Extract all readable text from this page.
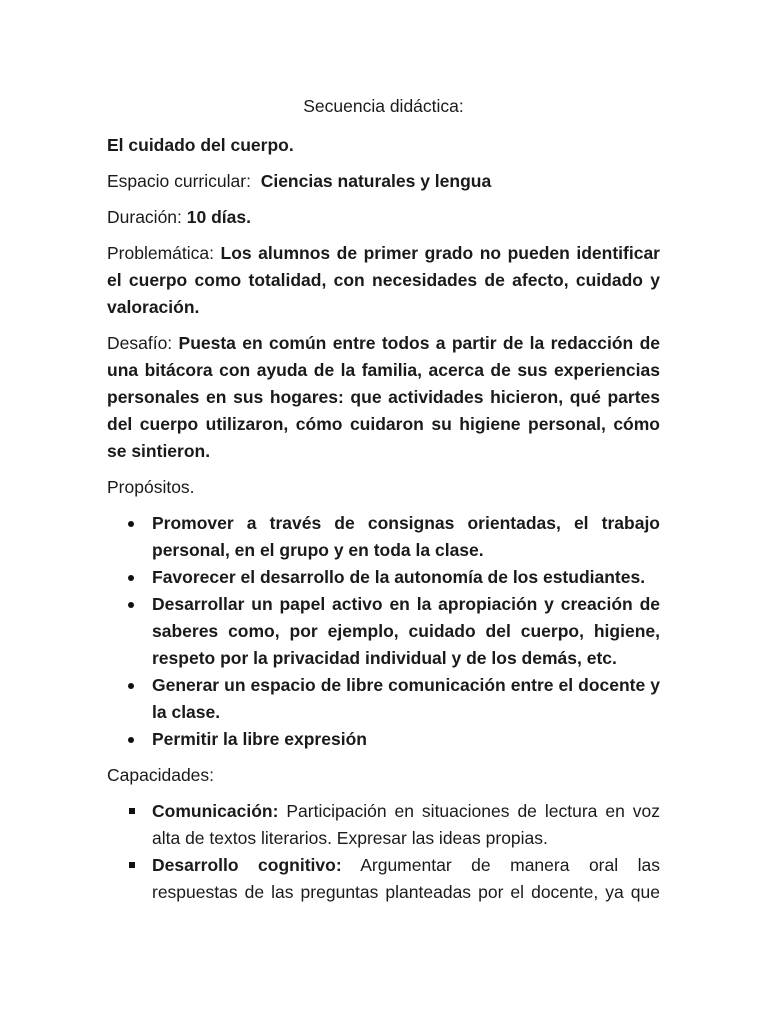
Secuencia didáctica:

El cuidado del cuerpo.

Espacio curricular: Ciencias naturales y lengua

Duración: 10 días.

Problemática: Los alumnos de primer grado no pueden identificar el cuerpo como totalidad, con necesidades de afecto, cuidado y valoración.

Desafío: Puesta en común entre todos a partir de la redacción de una bitácora con ayuda de la familia, acerca de sus experiencias personales en sus hogares: que actividades hicieron, qué partes del cuerpo utilizaron, cómo cuidaron su higiene personal, cómo se sintieron.

Propósitos.

Promover a través de consignas orientadas, el trabajo personal, en el grupo y en toda la clase.
Favorecer el desarrollo de la autonomía de los estudiantes.
Desarrollar un papel activo en la apropiación y creación de saberes como, por ejemplo, cuidado del cuerpo, higiene, respeto por la privacidad individual y de los demás, etc.
Generar un espacio de libre comunicación entre el docente y la clase.
Permitir la libre expresión

Capacidades:

Comunicación: Participación en situaciones de lectura en voz alta de textos literarios. Expresar las ideas propias.
Desarrollo cognitivo: Argumentar de manera oral las respuestas de las preguntas planteadas por el docente, ya que
